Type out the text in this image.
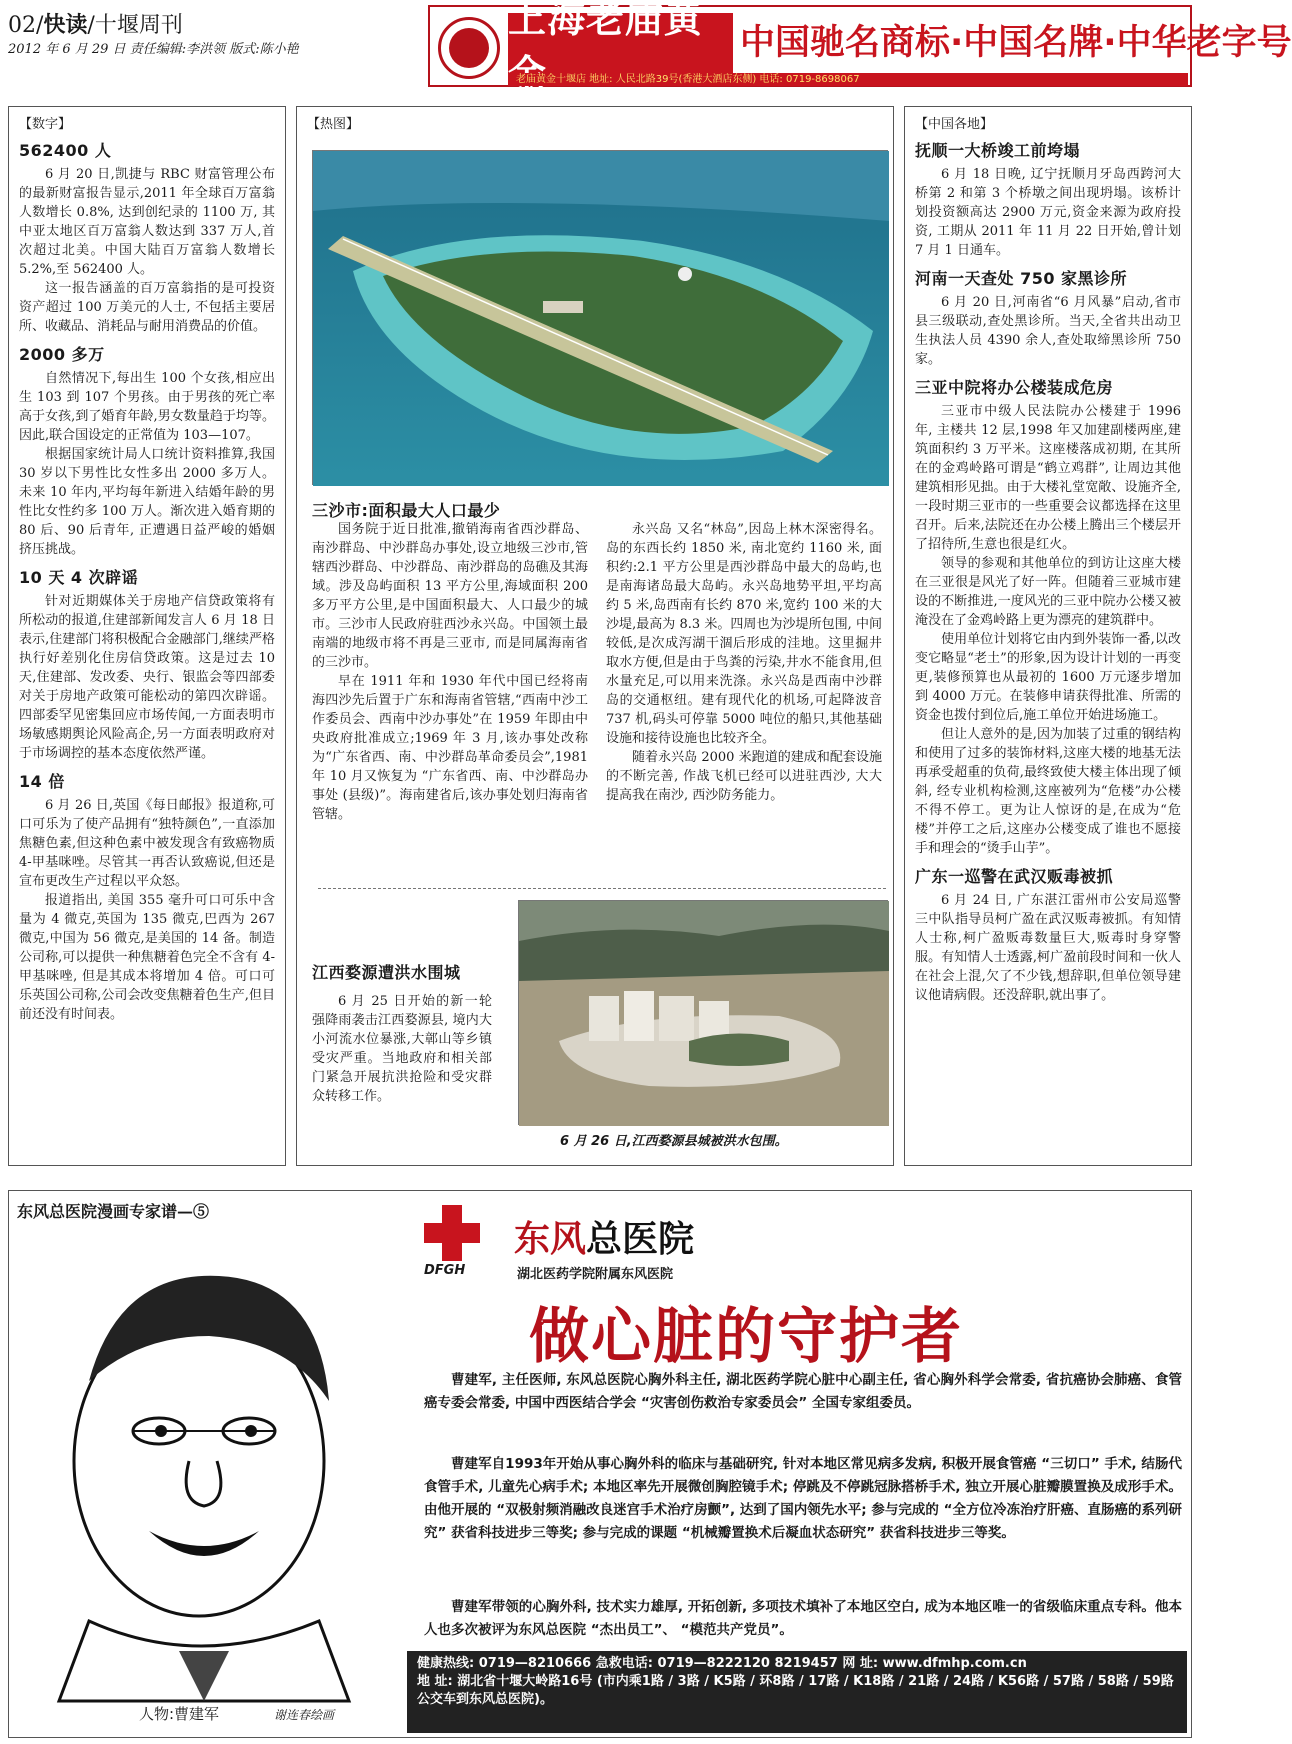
02/快读/十堰周刊
2012 年 6 月 29 日 责任编辑:李洪领 版式:陈小艳
上海老庙黄
中国驰名商标·中国名牌·中华老字号
老庙黄金十堰店 地址: 人民北路39号(香港大酒店东侧) 电话: 0719-8698067
【数字】
562400 人

6 月 20 日,凯捷与 RBC 财富管理公布的最新财富报告显示,2011 年全球百万富翁人数增长 0.8%, 达到创纪录的 1100 万, 其中亚太地区百万富翁人数达到 337 万人,首次超过北美。中国大陆百万富翁人数增长 5.2%,至 562400 人。

这一报告涵盖的百万富翁指的是可投资资产超过 100 万美元的人士, 不包括主要居所、收藏品、消耗品与耐用消费品的价值。

2000 多万

自然情况下,每出生 100 个女孩,相应出生 103 到 107 个男孩。由于男孩的死亡率高于女孩,到了婚育年龄,男女数量趋于均等。因此,联合国设定的正常值为 103—107。

根据国家统计局人口统计资料推算,我国 30 岁以下男性比女性多出 2000 多万人。未来 10 年内,平均每年新进入结婚年龄的男性比女性约多 100 万人。渐次进入婚育期的 80 后、90 后青年, 正遭遇日益严峻的婚姻挤压挑战。

10 天 4 次辟谣

针对近期媒体关于房地产信贷政策将有所松动的报道,住建部新闻发言人 6 月 18 日表示,住建部门将积极配合金融部门,继续严格执行好差别化住房信贷政策。这是过去 10 天,住建部、发改委、央行、银监会等四部委对关于房地产政策可能松动的第四次辟谣。四部委罕见密集回应市场传闻,一方面表明市场敏感期舆论风险高企,另一方面表明政府对于市场调控的基本态度依然严谨。

14 倍

6 月 26 日,英国《每日邮报》报道称,可口可乐为了使产品拥有“独特颜色”,一直添加焦糖色素,但这种色素中被发现含有致癌物质 4-甲基咪唑。尽管其一再否认致癌说,但还是宣布更改生产过程以平众怒。

报道指出, 美国 355 毫升可口可乐中含量为 4 微克,英国为 135 微克,巴西为 267 微克,中国为 56 微克,是美国的 14 备。制造公司称,可以提供一种焦糖着色完全不含有 4-甲基咪唑, 但是其成本将增加 4 倍。可口可乐英国公司称,公司会改变焦糖着色生产,但目前还没有时间表。

【热图】
三沙市:面积最大人口最少

国务院于近日批准,撤销海南省西沙群岛、南沙群岛、中沙群岛办事处,设立地级三沙市,管辖西沙群岛、中沙群岛、南沙群岛的岛礁及其海域。涉及岛屿面积 13 平方公里,海域面积 200 多万平方公里,是中国面积最大、人口最少的城市。三沙市人民政府驻西沙永兴岛。中国领土最南端的地级市将不再是三亚市, 而是同属海南省的三沙市。

早在 1911 年和 1930 年代中国已经将南海四沙先后置于广东和海南省管辖,“西南中沙工作委员会、西南中沙办事处”在 1959 年即由中央政府批准成立;1969 年 3 月,该办事处改称为“广东省西、南、中沙群岛革命委员会”,1981 年 10 月又恢复为 “广东省西、南、中沙群岛办事处 (县级)”。海南建省后,该办事处划归海南省管辖。

永兴岛 又名“林岛”,因岛上林木深密得名。岛的东西长约 1850 米, 南北宽约 1160 米, 面积约:2.1 平方公里是西沙群岛中最大的岛屿,也是南海诸岛最大岛屿。永兴岛地势平坦,平均高约 5 米,岛西南有长约 870 米,宽约 100 米的大沙堤,最高为 8.3 米。四周也为沙堤所包围, 中间较低,是次成泻湖干涸后形成的洼地。这里掘井取水方便,但是由于鸟粪的污染,井水不能食用,但水量充足,可以用来洗涤。永兴岛是西南中沙群岛的交通枢纽。建有现代化的机场,可起降波音 737 机,码头可停靠 5000 吨位的船只,其他基础设施和接待设施也比较齐全。

随着永兴岛 2000 米跑道的建成和配套设施的不断完善, 作战飞机已经可以进驻西沙, 大大提高我在南沙, 西沙防务能力。

江西婺源遭洪水围城

6 月 25 日开始的新一轮强降雨袭击江西婺源县, 境内大小河流水位暴涨,大鄣山等乡镇受灾严重。当地政府和相关部门紧急开展抗洪抢险和受灾群众转移工作。

6 月 26 日,江西婺源县城被洪水包围。
【中国各地】
抚顺一大桥竣工前垮塌

6 月 18 日晚, 辽宁抚顺月牙岛西跨河大桥第 2 和第 3 个桥墩之间出现坍塌。该桥计划投资额高达 2900 万元,资金来源为政府投资, 工期从 2011 年 11 月 22 日开始,曾计划 7 月 1 日通车。

河南一天查处 750 家黑诊所

6 月 20 日,河南省“6 月风暴”启动,省市县三级联动,查处黑诊所。当天,全省共出动卫生执法人员 4390 余人,查处取缔黑诊所 750 家。

三亚中院将办公楼装成危房

三亚市中级人民法院办公楼建于 1996 年, 主楼共 12 层,1998 年又加建副楼两座,建筑面积约 3 万平米。这座楼落成初期, 在其所在的金鸡岭路可谓是“鹤立鸡群”, 让周边其他建筑相形见拙。由于大楼礼堂宽敞、设施齐全,一段时期三亚市的一些重要会议都选择在这里召开。后来,法院还在办公楼上腾出三个楼层开了招待所,生意也很是红火。

领导的参观和其他单位的到访让这座大楼在三亚很是风光了好一阵。但随着三亚城市建设的不断推进,一度风光的三亚中院办公楼又被淹没在了金鸡岭路上更为漂亮的建筑群中。

使用单位计划将它由内到外装饰一番,以改变它略显“老土”的形象,因为设计计划的一再变更,装修预算也从最初的 1600 万元逐步增加到 4000 万元。在装修申请获得批准、所需的资金也拨付到位后,施工单位开始进场施工。

但让人意外的是,因为加装了过重的钢结构和使用了过多的装饰材料,这座大楼的地基无法再承受超重的负荷,最终致使大楼主体出现了倾斜, 经专业机构检测,这座被列为“危楼”办公楼不得不停工。更为让人惊讶的是,在成为“危楼”并停工之后,这座办公楼变成了谁也不愿接手和理会的“烫手山芋”。

广东一巡警在武汉贩毒被抓

6 月 24 日, 广东湛江雷州市公安局巡警三中队指导员柯广盈在武汉贩毒被抓。有知情人士称,柯广盈贩毒数量巨大,贩毒时身穿警服。有知情人士透露,柯广盈前段时间和一伙人在社会上混,欠了不少钱,想辞职,但单位领导建议他请病假。还没辞职,就出事了。

东风总医院漫画专家谱—⑤
DFGH
东风总医院
湖北医药学院附属东风医院
做心脏的守护者

曹建军, 主任医师, 东风总医院心胸外科主任, 湖北医药学院心脏中心副主任, 省心胸外科学会常委, 省抗癌协会肺癌、食管癌专委会常委, 中国中西医结合学会 “灾害创伤救治专家委员会” 全国专家组委员。

曹建军自1993年开始从事心胸外科的临床与基础研究, 针对本地区常见病多发病, 积极开展食管癌 “三切口” 手术, 结肠代食管手术, 儿童先心病手术; 本地区率先开展微创胸腔镜手术; 停跳及不停跳冠脉搭桥手术, 独立开展心脏瓣膜置换及成形手术。由他开展的 “双极射频消融改良迷宫手术治疗房颤”, 达到了国内领先水平; 参与完成的 “全方位冷冻治疗肝癌、直肠癌的系列研究” 获省科技进步三等奖; 参与完成的课题 “机械瓣置换术后凝血状态研究” 获省科技进步三等奖。

曹建军带领的心胸外科, 技术实力雄厚, 开拓创新, 多项技术填补了本地区空白, 成为本地区唯一的省级临床重点专科。他本人也多次被评为东风总医院 “杰出员工”、 “模范共产党员”。

健康热线: 0719—8210666 急救电话: 0719—8222120 8219457 网 址: www.dfmhp.com.cn
地 址: 湖北省十堰大岭路16号 (市内乘1路 / 3路 / K5路 / 环8路 / 17路 / K18路 / 21路 / 24路 / K56路 / 57路 / 58路 / 59路公交车到东风总医院)。
人物:曹建军	谢连春绘画
